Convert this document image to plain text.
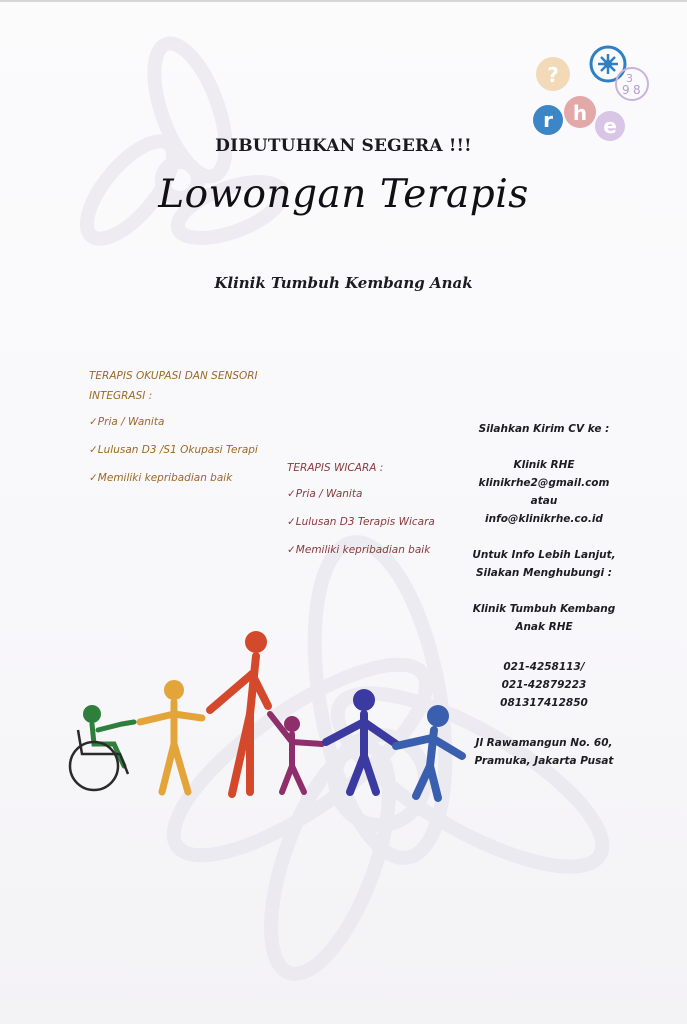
?	3
9 8
r h
e
DIBUTUHKAN SEGERA !!!
Lowongan Terapis
Klinik Tumbuh Kembang Anak
TERAPIS OKUPASI DAN SENSORI
INTEGRASI :
✓Pria / Wanita
✓Lulusan D3 /S1 Okupasi Terapi
✓Memiliki kepribadian baik
TERAPIS WICARA :
✓Pria / Wanita
✓Lulusan D3 Terapis Wicara
✓Memiliki kepribadian baik
Silahkan Kirim CV ke :
Klinik RHE
klinikrhe2@gmail.com
atau
info@klinikrhe.co.id
Untuk Info Lebih Lanjut,
Silakan Menghubungi :
Klinik Tumbuh Kembang
Anak RHE
021-4258113/
021-42879223
081317412850
Jl Rawamangun No. 60,
Pramuka, Jakarta Pusat
